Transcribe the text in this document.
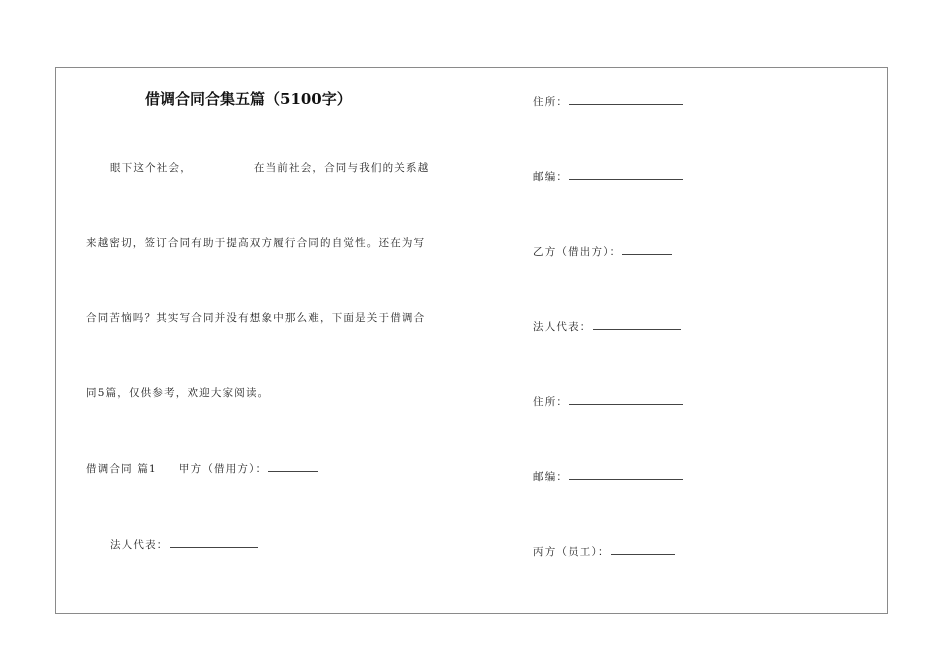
借调合同合集五篇（5100字）
眼下这个社会，	在当前社会，合同与我们的关系越
来越密切，签订合同有助于提高双方履行合同的自觉性。还在为写
合同苦恼吗？其实写合同并没有想象中那么难，下面是关于借调合
同5篇，仅供参考，欢迎大家阅读。
借调合同 篇1 甲方（借用方）：
法人代表：
住所：
邮编：
乙方（借出方）：
法人代表：
住所：
邮编：
丙方（员工）：
